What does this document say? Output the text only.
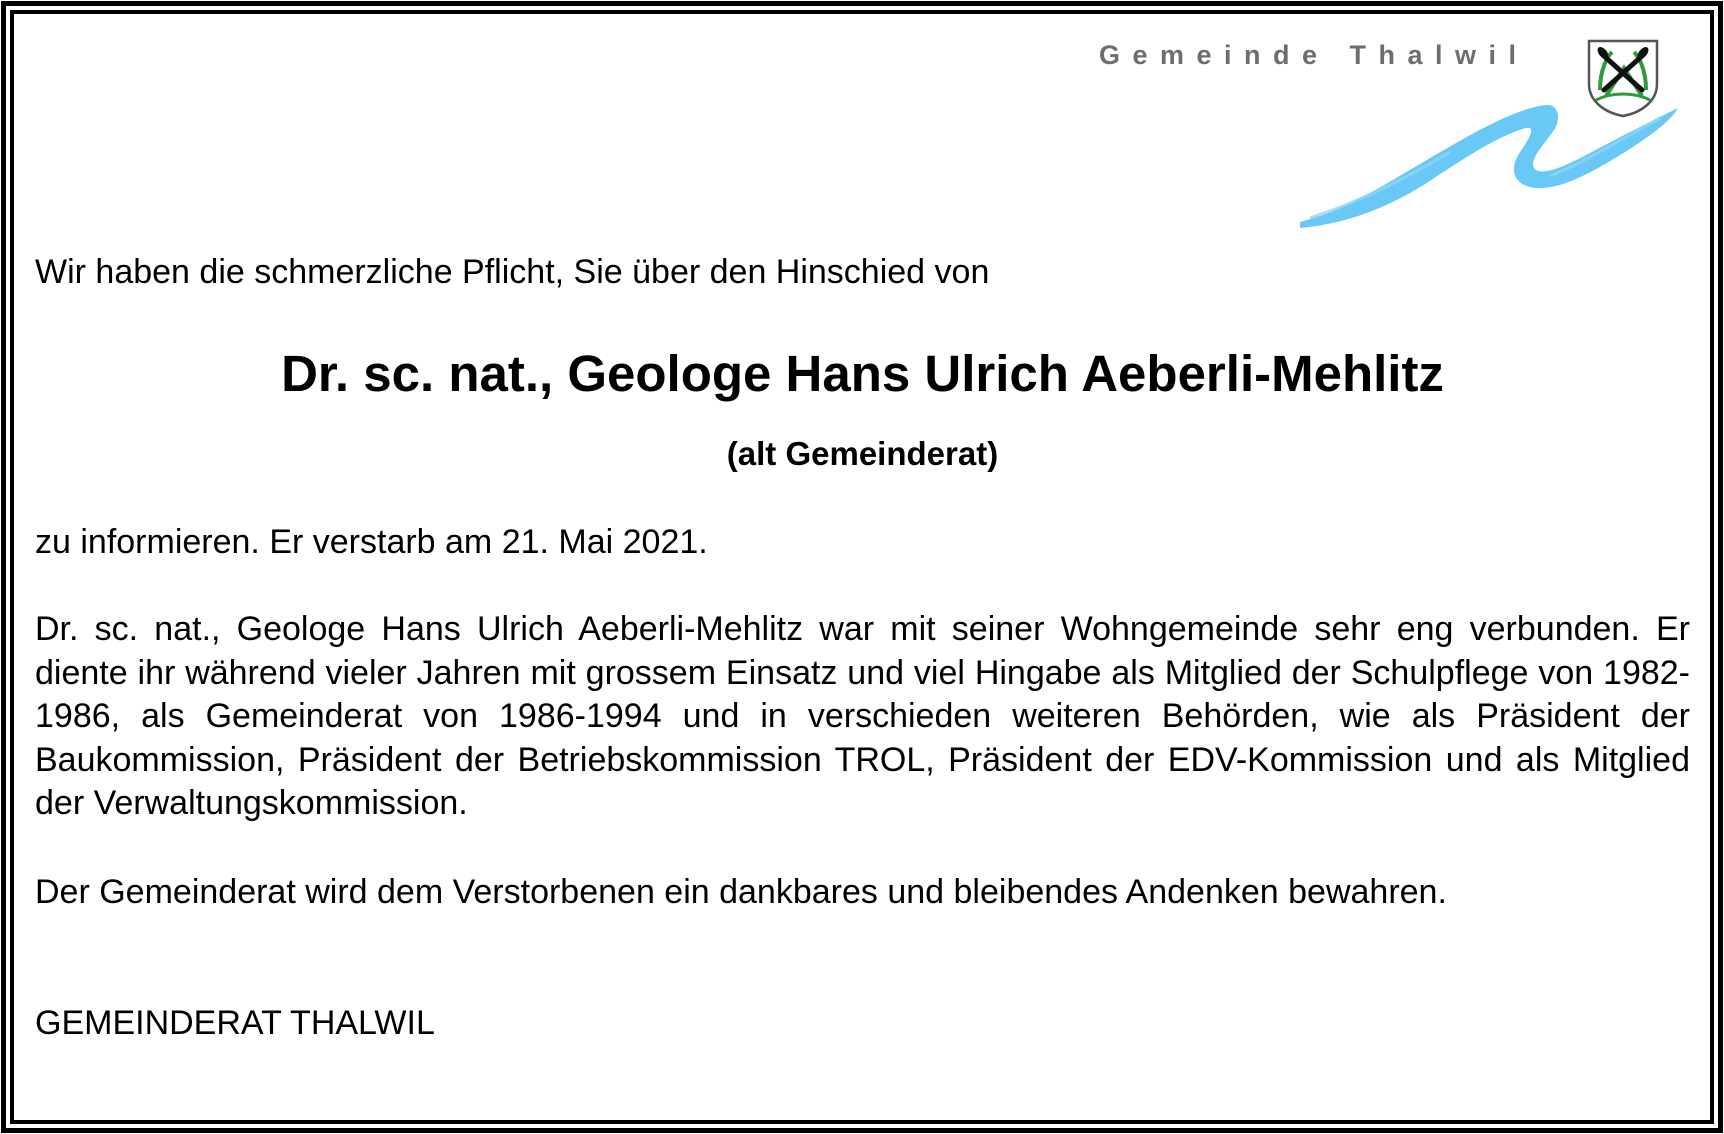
Gemeinde Thalwil
Wir haben die schmerzliche Pflicht, Sie über den Hinschied von
Dr. sc. nat., Geologe Hans Ulrich Aeberli-Mehlitz
(alt Gemeinderat)
zu informieren. Er verstarb am 21. Mai 2021.
Dr. sc. nat., Geologe Hans Ulrich Aeberli-Mehlitz war mit seiner Wohngemeinde sehr eng verbunden. Er diente ihr während vieler Jahren mit grossem Einsatz und viel Hingabe als Mitglied der Schulpflege von 1982-1986, als Gemeinderat von 1986-1994 und in verschieden weiteren Behörden, wie als Präsident der Baukommission, Präsident der Betriebskommission TROL, Präsident der EDV-Kommission und als Mitglied der Verwaltungskommission.
Der Gemeinderat wird dem Verstorbenen ein dankbares und bleibendes Andenken bewahren.
GEMEINDERAT THALWIL
